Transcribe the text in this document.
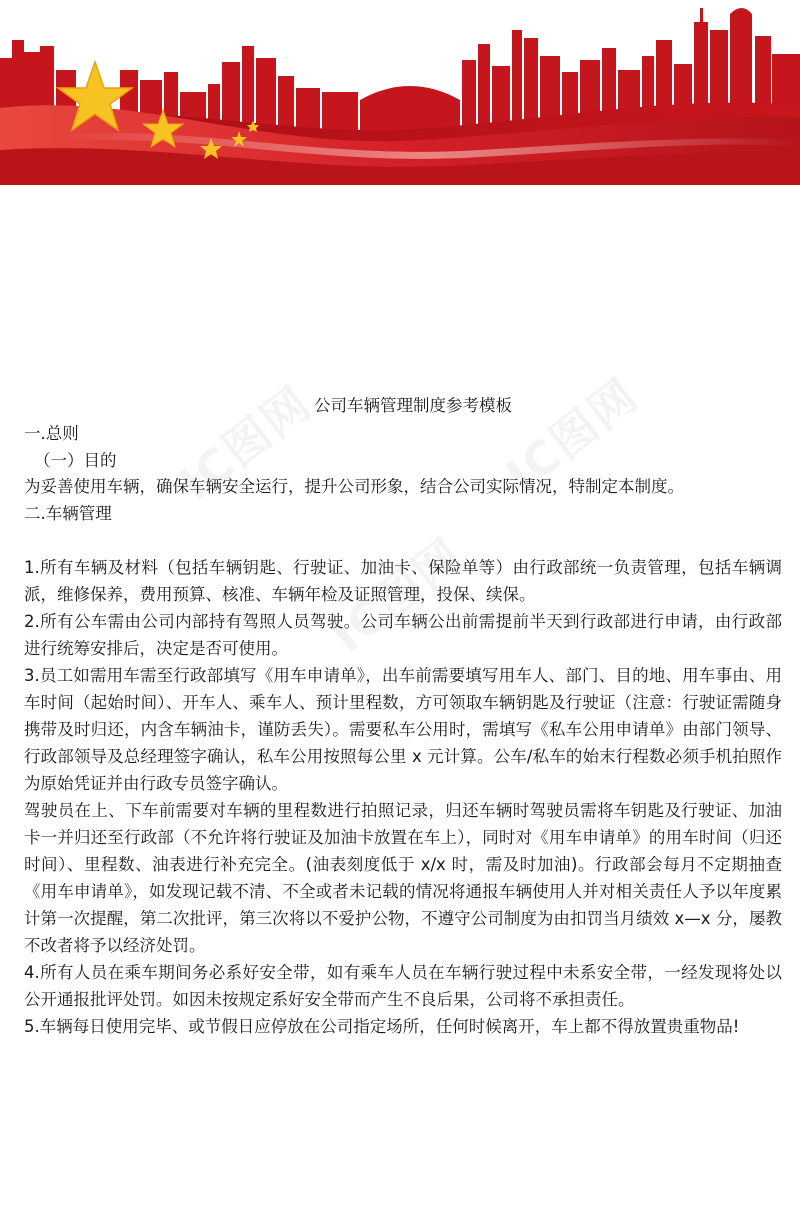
公司车辆管理制度参考模板
一.总则
（一）目的
为妥善使用车辆，确保车辆安全运行，提升公司形象，结合公司实际情况，特制定本制度。
二.车辆管理
1.所有车辆及材料（包括车辆钥匙、行驶证、加油卡、保险单等）由行政部统一负责管理，包括车辆调派，维修保养，费用预算、核准、车辆年检及证照管理，投保、续保。
2.所有公车需由公司内部持有驾照人员驾驶。公司车辆公出前需提前半天到行政部进行申请，由行政部进行统筹安排后，决定是否可使用。
3.员工如需用车需至行政部填写《用车申请单》，出车前需要填写用车人、部门、目的地、用车事由、用车时间（起始时间）、开车人、乘车人、预计里程数，方可领取车辆钥匙及行驶证（注意：行驶证需随身携带及时归还，内含车辆油卡，谨防丢失）。需要私车公用时，需填写《私车公用申请单》由部门领导、行政部领导及总经理签字确认，私车公用按照每公里 x 元计算。公车/私车的始末行程数必须手机拍照作为原始凭证并由行政专员签字确认。
驾驶员在上、下车前需要对车辆的里程数进行拍照记录，归还车辆时驾驶员需将车钥匙及行驶证、加油卡一并归还至行政部（不允许将行驶证及加油卡放置在车上），同时对《用车申请单》的用车时间（归还时间）、里程数、油表进行补充完全。(油表刻度低于 x/x 时，需及时加油)。行政部会每月不定期抽查《用车申请单》，如发现记载不清、不全或者未记载的情况将通报车辆使用人并对相关责任人予以年度累计第一次提醒，第二次批评，第三次将以不爱护公物，不遵守公司制度为由扣罚当月绩效 x—x 分，屡教不改者将予以经济处罚。
4.所有人员在乘车期间务必系好安全带，如有乘车人员在车辆行驶过程中未系安全带，一经发现将处以公开通报批评处罚。如因未按规定系好安全带而产生不良后果，公司将不承担责任。
5.车辆每日使用完毕、或节假日应停放在公司指定场所，任何时候离开，车上都不得放置贵重物品!
